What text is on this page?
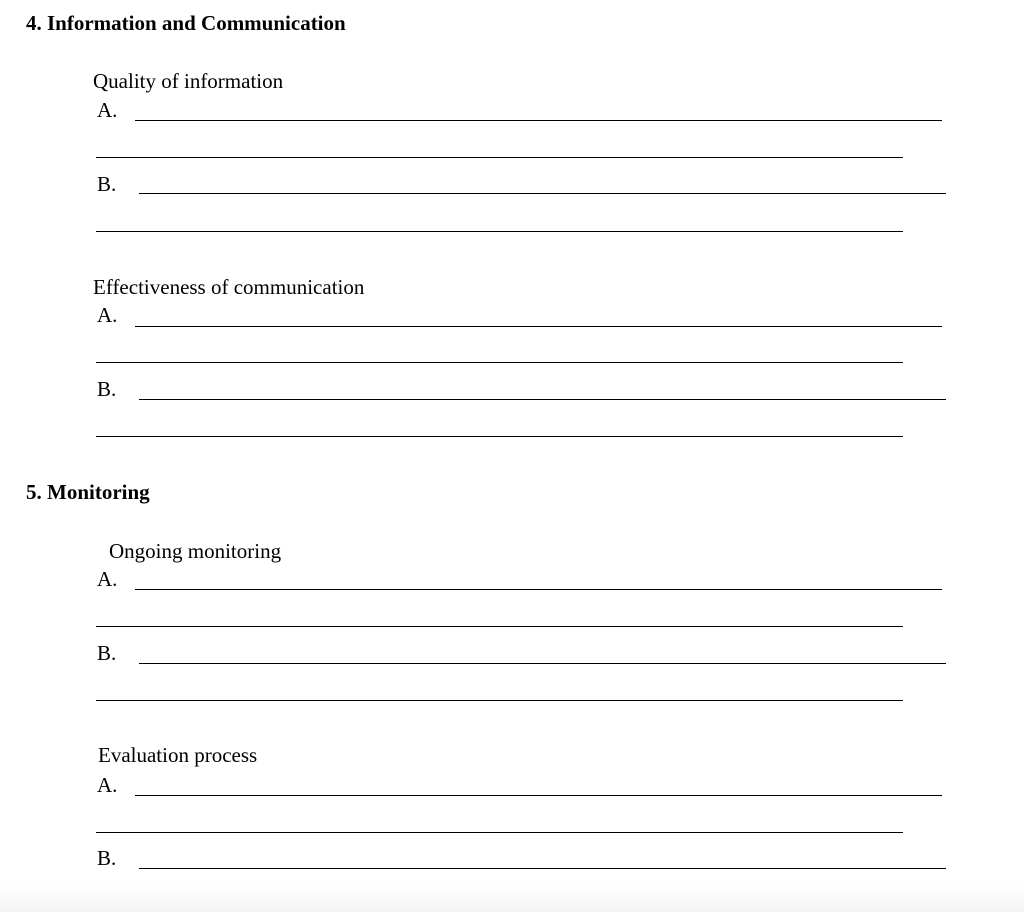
4. Information and Communication
Quality of information
A.
B.
Effectiveness of communication
A.
B.
5. Monitoring
Ongoing monitoring
A.
B.
Evaluation process
A.
B.
